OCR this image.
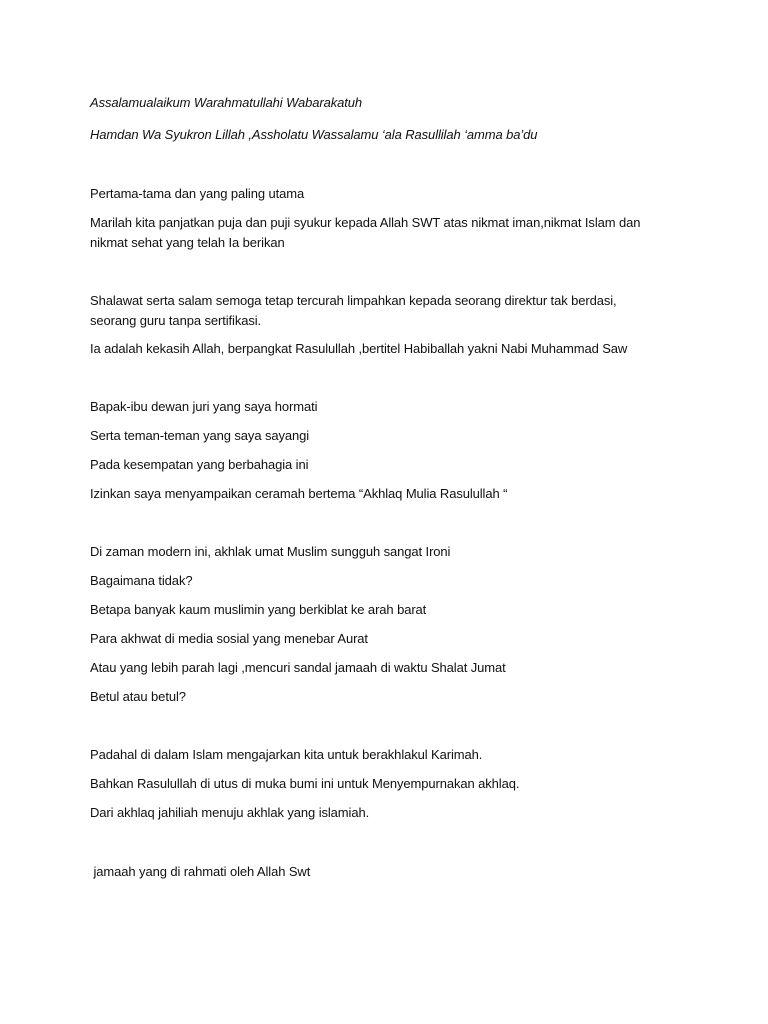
Assalamualaikum Warahmatullahi Wabarakatuh
Hamdan Wa Syukron Lillah ,Assholatu Wassalamu ‘ala Rasullilah ‘amma ba’du
Pertama-tama dan yang paling utama
Marilah kita panjatkan puja dan puji syukur kepada Allah SWT atas nikmat iman,nikmat Islam dan nikmat sehat yang telah Ia berikan
Shalawat serta salam semoga tetap tercurah limpahkan kepada seorang direktur tak berdasi, seorang guru tanpa sertifikasi.
Ia adalah kekasih Allah, berpangkat Rasulullah ,bertitel Habiballah yakni Nabi Muhammad Saw
Bapak-ibu dewan juri yang saya hormati
Serta teman-teman yang saya sayangi
Pada kesempatan yang berbahagia ini
Izinkan saya menyampaikan ceramah bertema “Akhlaq Mulia Rasulullah “
Di zaman modern ini, akhlak umat Muslim sungguh sangat Ironi
Bagaimana tidak?
Betapa banyak kaum muslimin yang berkiblat ke arah barat
Para akhwat di media sosial yang menebar Aurat
Atau yang lebih parah lagi ,mencuri sandal jamaah di waktu Shalat Jumat
Betul atau betul?
Padahal di dalam Islam mengajarkan kita untuk berakhlakul Karimah.
Bahkan Rasulullah di utus di muka bumi ini untuk Menyempurnakan akhlaq.
Dari akhlaq jahiliah menuju akhlak yang islamiah.
jamaah yang di rahmati oleh Allah Swt
